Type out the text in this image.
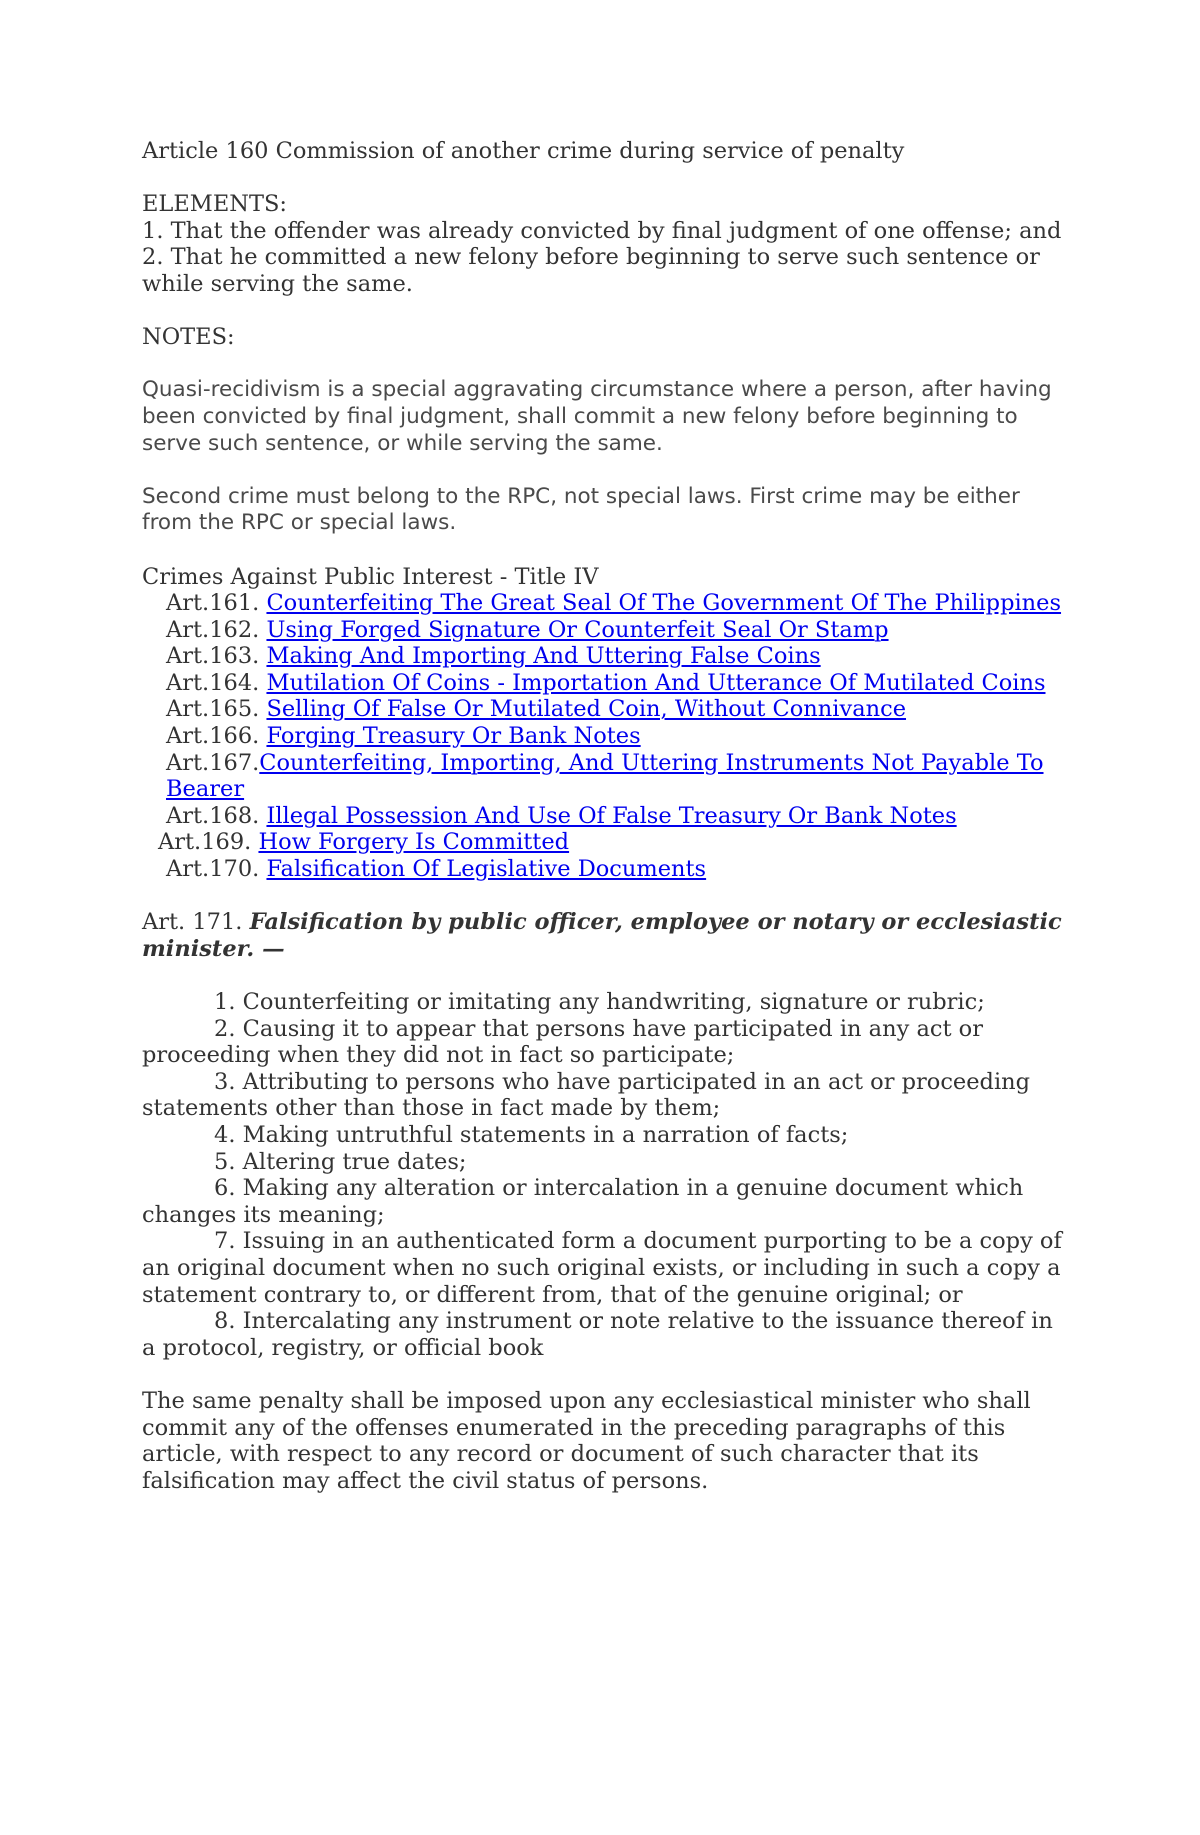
Article 160 Commission of another crime during service of penalty

ELEMENTS:

1. That the offender was already convicted by final judgment of one offense; and

2. That he committed a new felony before beginning to serve such sentence or while serving the same.

NOTES:

Quasi-recidivism is a special aggravating circumstance where a person, after having been convicted by final judgment, shall commit a new felony before beginning to serve such sentence, or while serving the same.

Second crime must belong to the RPC, not special laws. First crime may be either from the RPC or special laws.

Crimes Against Public Interest - Title IV

Art.161. Counterfeiting The Great Seal Of The Government Of The Philippines

Art.162. Using Forged Signature Or Counterfeit Seal Or Stamp

Art.163. Making And Importing And Uttering False Coins

Art.164. Mutilation Of Coins - Importation And Utterance Of Mutilated Coins

Art.165. Selling Of False Or Mutilated Coin, Without Connivance

Art.166. Forging Treasury Or Bank Notes

Art.167.Counterfeiting, Importing, And Uttering Instruments Not Payable To Bearer

Art.168. Illegal Possession And Use Of False Treasury Or Bank Notes

Art.169. How Forgery Is Committed

Art.170. Falsification Of Legislative Documents

Art. 171. Falsification by public officer, employee or notary or ecclesiastic minister. —

1. Counterfeiting or imitating any handwriting, signature or rubric;

2. Causing it to appear that persons have participated in any act or proceeding when they did not in fact so participate;

3. Attributing to persons who have participated in an act or proceeding statements other than those in fact made by them;

4. Making untruthful statements in a narration of facts;

5. Altering true dates;

6. Making any alteration or intercalation in a genuine document which changes its meaning;

7. Issuing in an authenticated form a document purporting to be a copy of an original document when no such original exists, or including in such a copy a statement contrary to, or different from, that of the genuine original; or

8. Intercalating any instrument or note relative to the issuance thereof in a protocol, registry, or official book

The same penalty shall be imposed upon any ecclesiastical minister who shall commit any of the offenses enumerated in the preceding paragraphs of this article, with respect to any record or document of such character that its falsification may affect the civil status of persons.
